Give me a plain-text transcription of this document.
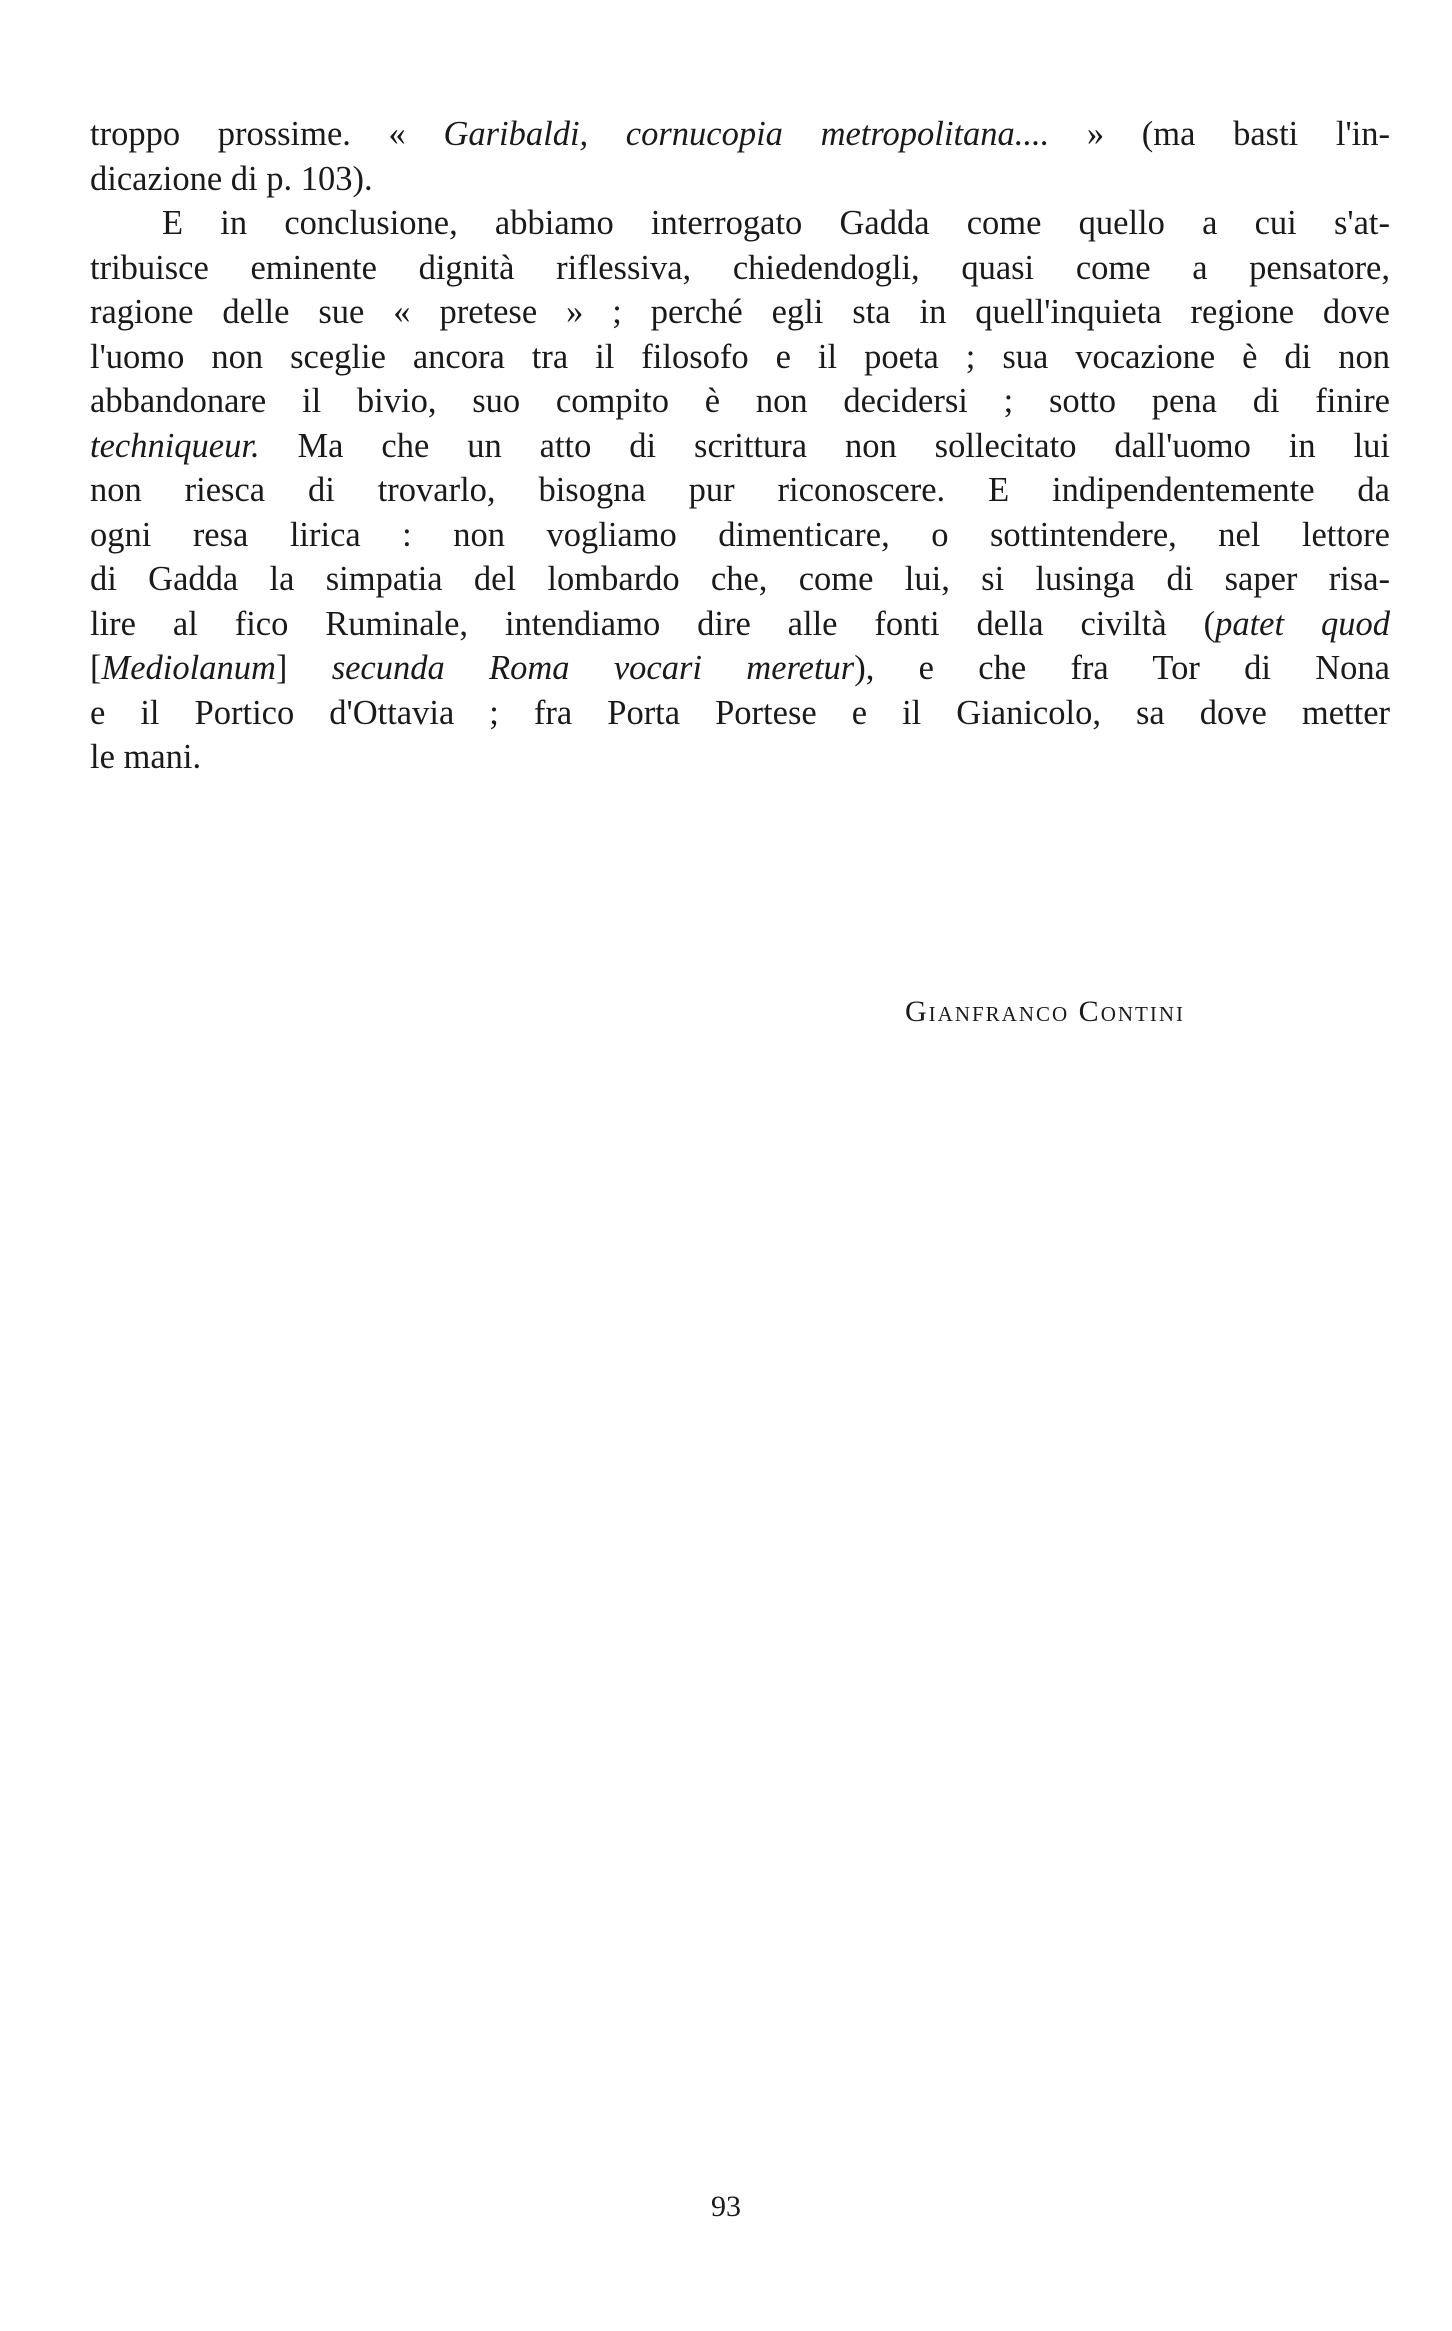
troppo prossime. « Garibaldi, cornucopia metropolitana.... » (ma basti l'in-
dicazione di p. 103).
E in conclusione, abbiamo interrogato Gadda come quello a cui s'at-
tribuisce eminente dignità riflessiva, chiedendogli, quasi come a pensatore,
ragione delle sue « pretese » ; perché egli sta in quell'inquieta regione dove
l'uomo non sceglie ancora tra il filosofo e il poeta ; sua vocazione è di non
abbandonare il bivio, suo compito è non decidersi ; sotto pena di finire
techniqueur. Ma che un atto di scrittura non sollecitato dall'uomo in lui
non riesca di trovarlo, bisogna pur riconoscere. E indipendentemente da
ogni resa lirica : non vogliamo dimenticare, o sottintendere, nel lettore
di Gadda la simpatia del lombardo che, come lui, si lusinga di saper risa-
lire al fico Ruminale, intendiamo dire alle fonti della civiltà (patet quod
[Mediolanum] secunda Roma vocari meretur), e che fra Tor di Nona
e il Portico d'Ottavia ; fra Porta Portese e il Gianicolo, sa dove metter
le mani.
Gianfranco Contini
93
